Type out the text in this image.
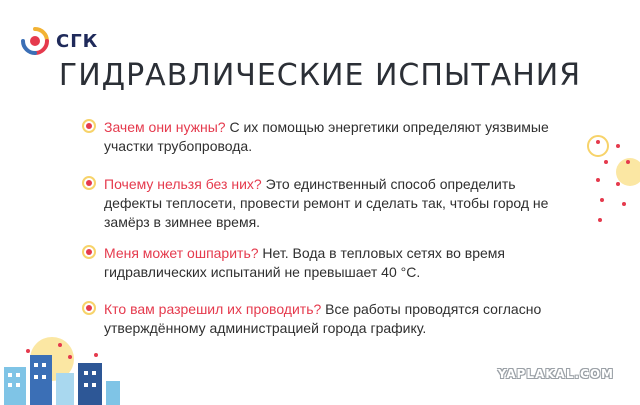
СГК
ГИДРАВЛИЧЕСКИЕ ИСПЫТАНИЯ
Зачем они нужны? С их помощью энергетики определяют уязвимые участки трубопровода.
Почему нельзя без них? Это единственный способ определить дефекты теплосети, провести ремонт и сделать так, чтобы город не замёрз в зимнее время.
Меня может ошпарить? Нет. Вода в тепловых сетях во время гидравлических испытаний не превышает 40 °С.
Кто вам разрешил их проводить? Все работы проводятся согласно утверждённому администрацией города графику.
YAPLAKAL.COM
